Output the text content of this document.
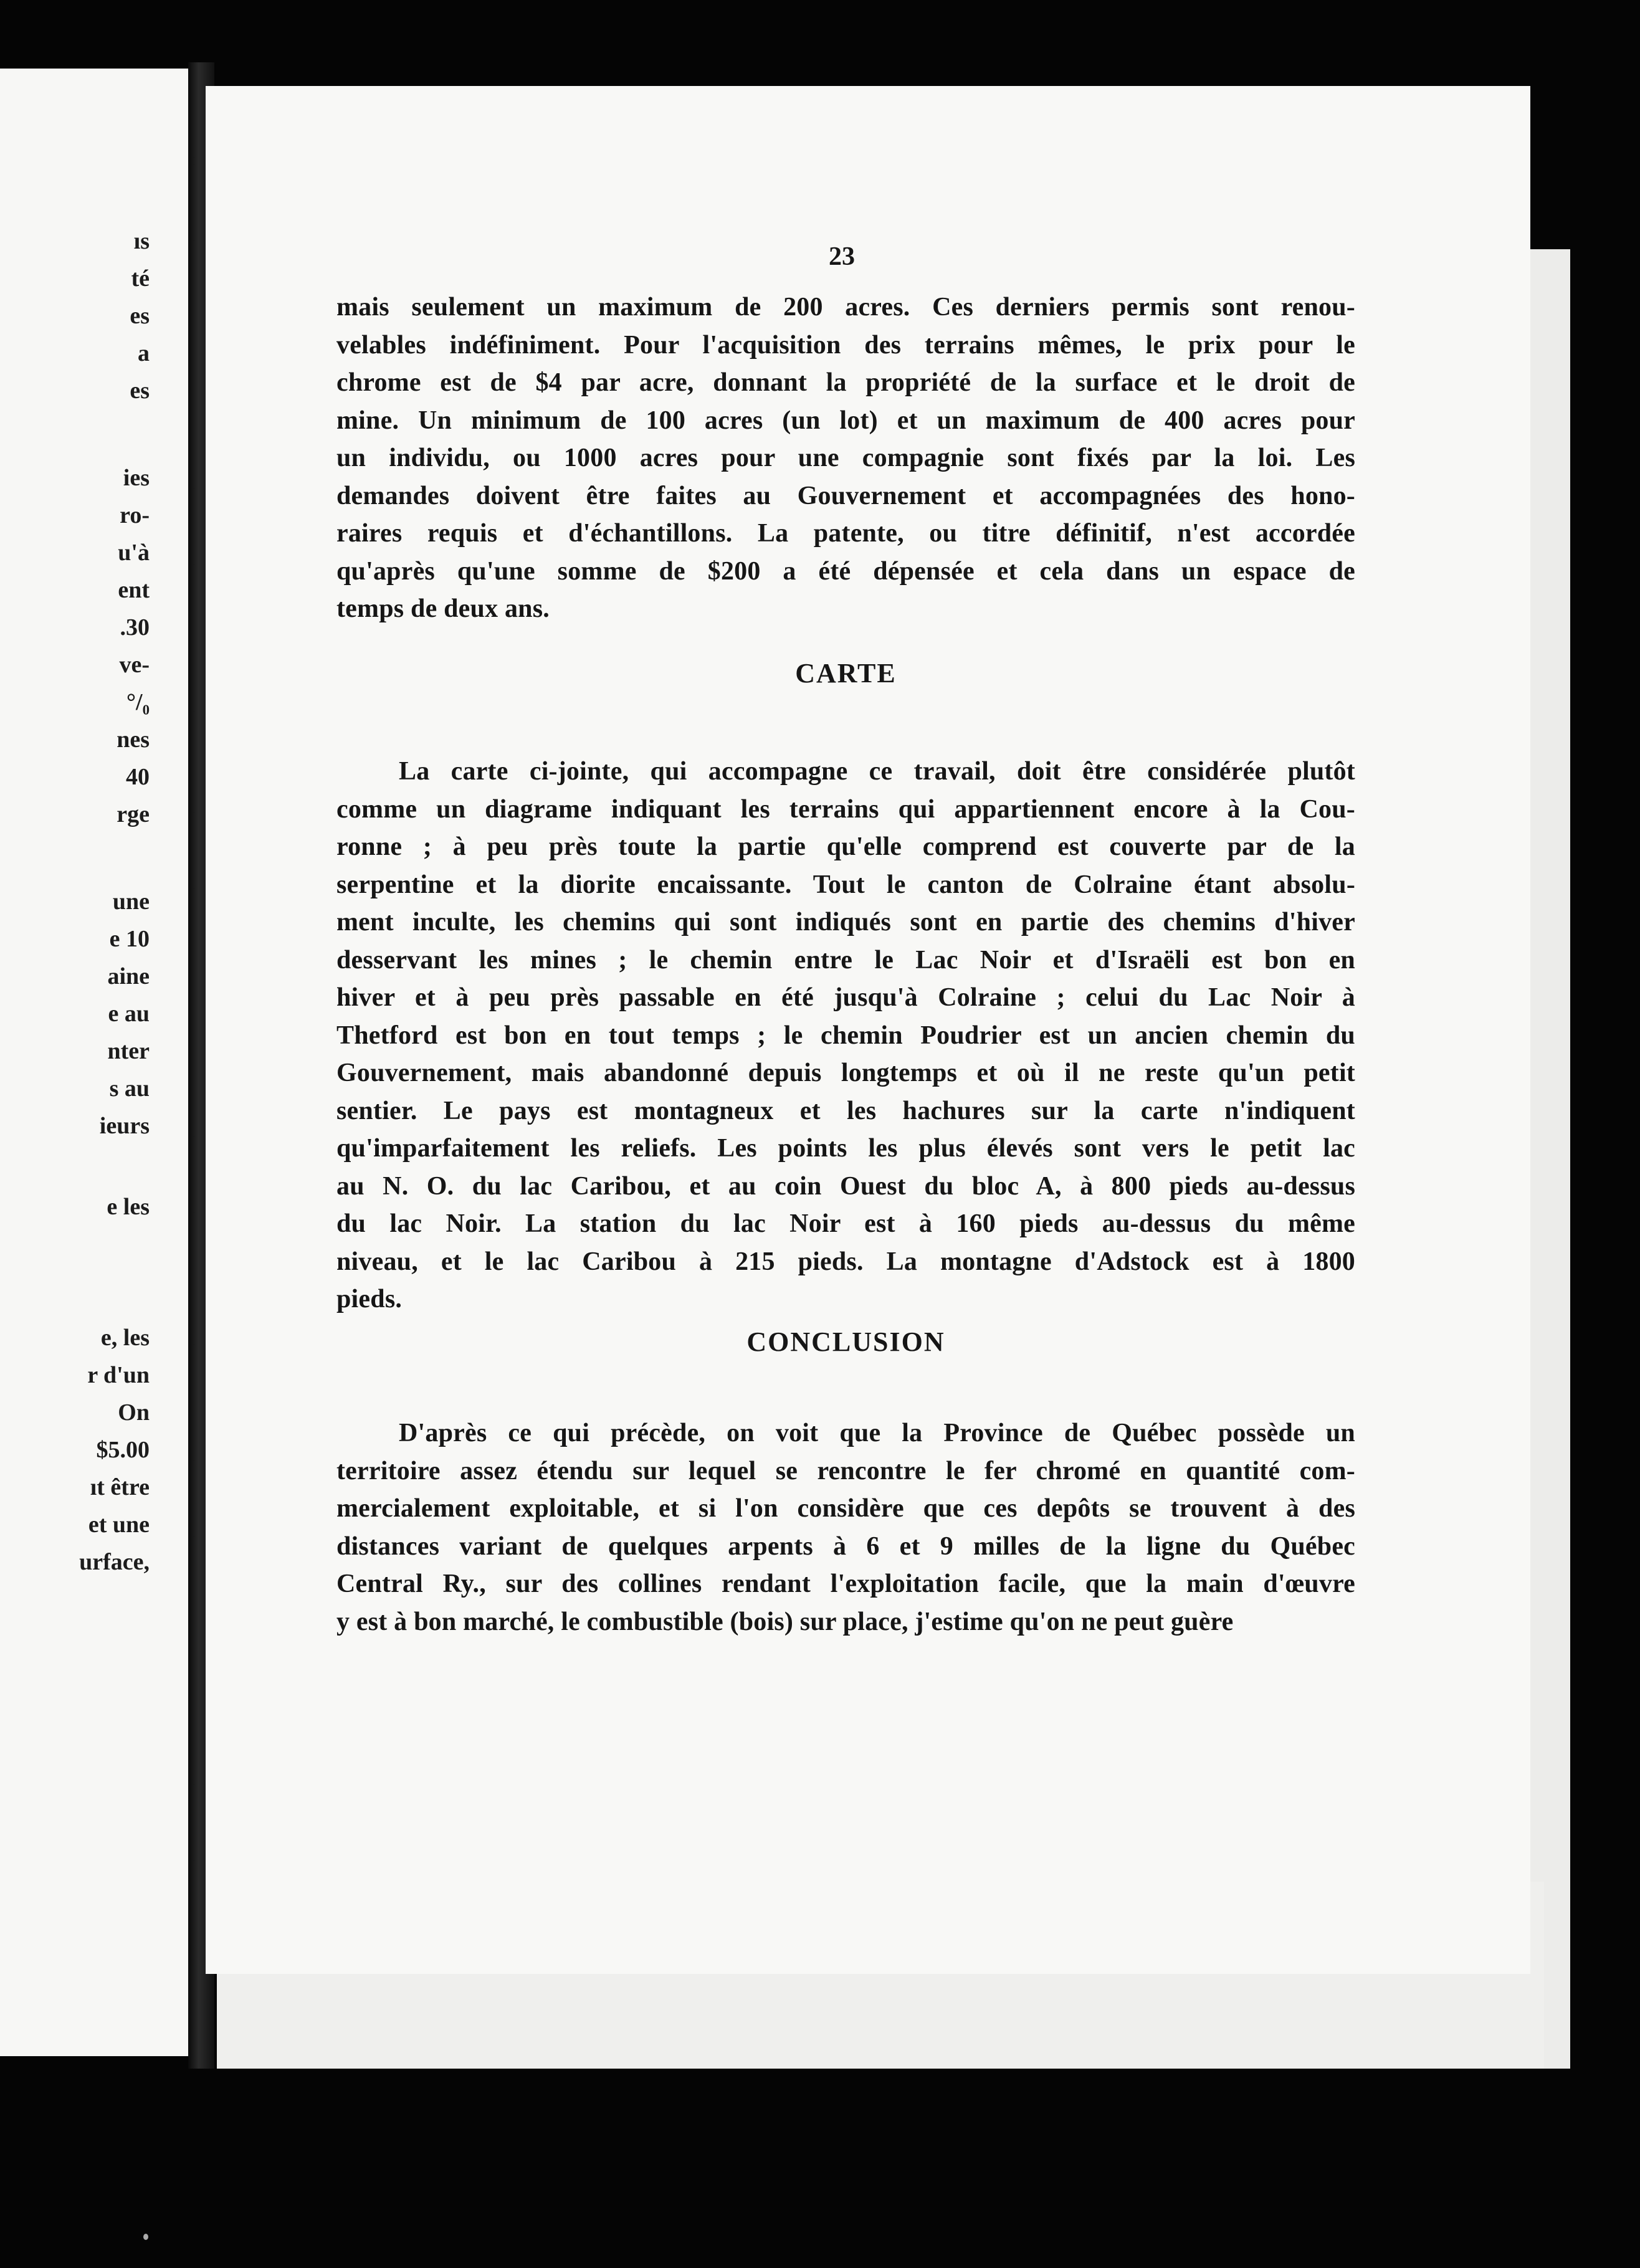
ıs
té
es
a
es
ies
ro-
u'à
ent
.30
ve-
°/₀
nes
40
rge
une
e 10
aine
e au
nter
s au
ieurs
e les
e, les
r d'un
On
$5.00
ıt être
et une
urface,
23
mais seulement un maximum de 200 acres. Ces derniers permis sont renou-
velables indéfiniment. Pour l'acquisition des terrains mêmes, le prix pour le
chrome est de $4 par acre, donnant la propriété de la surface et le droit de
mine. Un minimum de 100 acres (un lot) et un maximum de 400 acres pour
un individu, ou 1000 acres pour une compagnie sont fixés par la loi. Les
demandes doivent être faites au Gouvernement et accompagnées des hono-
raires requis et d'échantillons. La patente, ou titre définitif, n'est accordée
qu'après qu'une somme de $200 a été dépensée et cela dans un espace de
temps de deux ans.
CARTE
La carte ci-jointe, qui accompagne ce travail, doit être considérée plutôt
comme un diagrame indiquant les terrains qui appartiennent encore à la Cou-
ronne ; à peu près toute la partie qu'elle comprend est couverte par de la
serpentine et la diorite encaissante. Tout le canton de Colraine étant absolu-
ment inculte, les chemins qui sont indiqués sont en partie des chemins d'hiver
desservant les mines ; le chemin entre le Lac Noir et d'Israëli est bon en
hiver et à peu près passable en été jusqu'à Colraine ; celui du Lac Noir à
Thetford est bon en tout temps ; le chemin Poudrier est un ancien chemin du
Gouvernement, mais abandonné depuis longtemps et où il ne reste qu'un petit
sentier. Le pays est montagneux et les hachures sur la carte n'indiquent
qu'imparfaitement les reliefs. Les points les plus élevés sont vers le petit lac
au N. O. du lac Caribou, et au coin Ouest du bloc A, à 800 pieds au-dessus
du lac Noir. La station du lac Noir est à 160 pieds au-dessus du même
niveau, et le lac Caribou à 215 pieds. La montagne d'Adstock est à 1800
pieds.
CONCLUSION
D'après ce qui précède, on voit que la Province de Québec possède un
territoire assez étendu sur lequel se rencontre le fer chromé en quantité com-
mercialement exploitable, et si l'on considère que ces depôts se trouvent à des
distances variant de quelques arpents à 6 et 9 milles de la ligne du Québec
Central Ry., sur des collines rendant l'exploitation facile, que la main d'œuvre
y est à bon marché, le combustible (bois) sur place, j'estime qu'on ne peut guère
